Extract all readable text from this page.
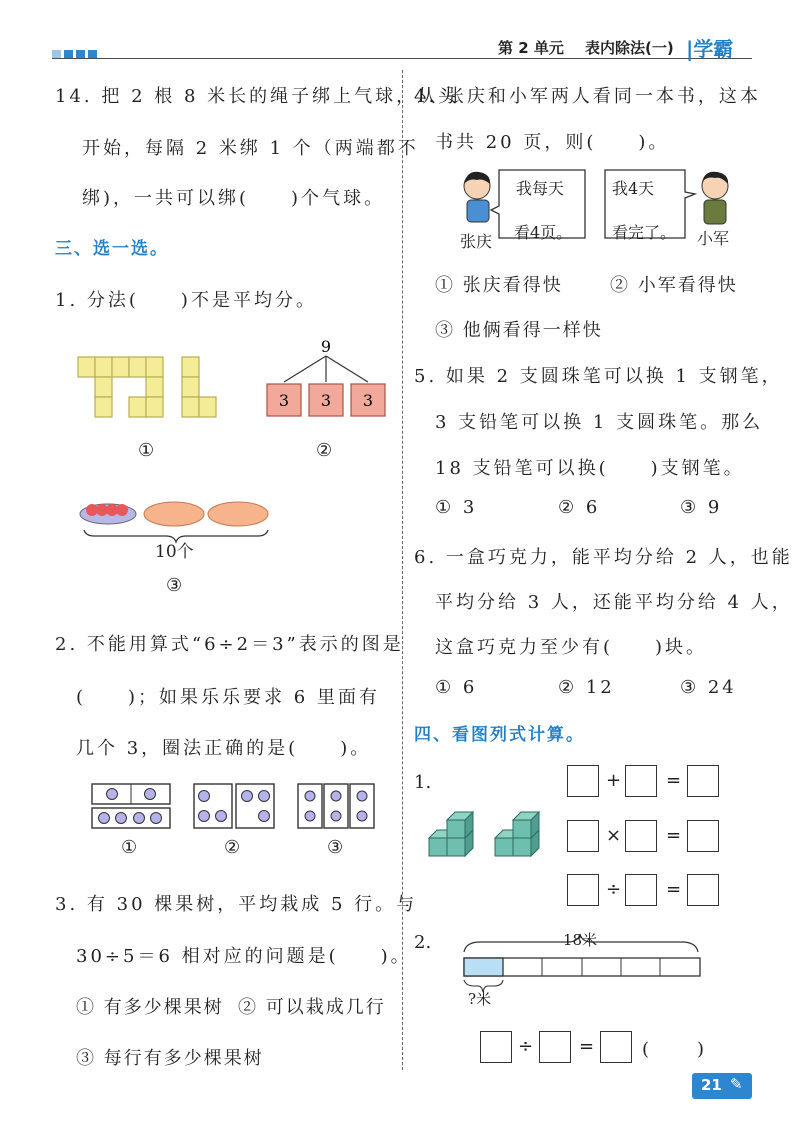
第 2 单元 表内除法(一) |学霸
14. 把 2 根 8 米长的绳子绑上气球，从头
开始，每隔 2 米绑 1 个（两端都不
绑)，一共可以绑(　　)个气球。
三、选一选。
1. 分法(　　)不是平均分。
①
9
3 3 3
②
10个
③
2. 不能用算式“6÷2＝3”表示的图是
(　　)；如果乐乐要求 6 里面有
几个 3，圈法正确的是(　　)。
①	②	③
3. 有 30 棵果树，平均栽成 5 行。与
30÷5＝6 相对应的问题是(　　)。
① 有多少棵果树 ② 可以栽成几行
③ 每行有多少棵果树
4. 张庆和小军两人看同一本书，这本
书共 20 页，则(　　)。
我每天
看4页。
我4天
看完了。
张庆	小军
① 张庆看得快	② 小军看得快
③ 他俩看得一样快
5. 如果 2 支圆珠笔可以换 1 支钢笔，
3 支铅笔可以换 1 支圆珠笔。那么
18 支铅笔可以换(　　)支钢笔。
① 3	② 6	③ 9
6. 一盒巧克力，能平均分给 2 人，也能
平均分给 3 人，还能平均分给 4 人，
这盒巧克力至少有(　　)块。
① 6	② 12	③ 24
四、看图列式计算。
1.	+ =
× =
÷ =
2.	18米
?米
÷	=	(　　)
21 ✎
